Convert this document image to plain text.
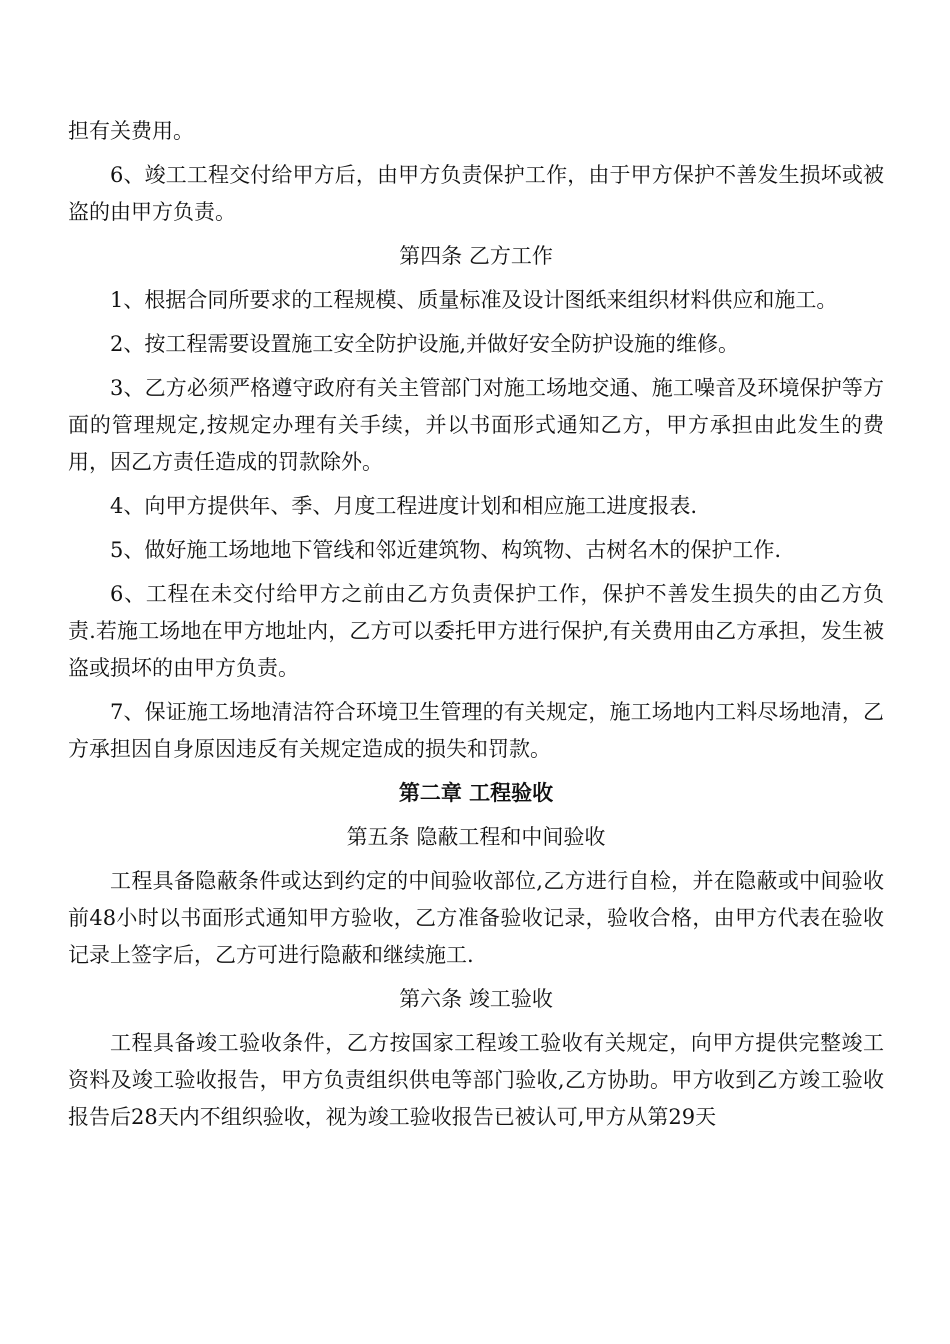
担有关费用。

6、竣工工程交付给甲方后，由甲方负责保护工作，由于甲方保护不善发生损坏或被盗的由甲方负责。

第四条 乙方工作

1、根据合同所要求的工程规模、质量标准及设计图纸来组织材料供应和施工。

2、按工程需要设置施工安全防护设施,并做好安全防护设施的维修。

3、乙方必须严格遵守政府有关主管部门对施工场地交通、施工噪音及环境保护等方面的管理规定,按规定办理有关手续，并以书面形式通知乙方，甲方承担由此发生的费用，因乙方责任造成的罚款除外。

4、向甲方提供年、季、月度工程进度计划和相应施工进度报表.

5、做好施工场地地下管线和邻近建筑物、构筑物、古树名木的保护工作.

6、工程在未交付给甲方之前由乙方负责保护工作，保护不善发生损失的由乙方负责.若施工场地在甲方地址内，乙方可以委托甲方进行保护,有关费用由乙方承担，发生被盗或损坏的由甲方负责。

7、保证施工场地清洁符合环境卫生管理的有关规定，施工场地内工料尽场地清，乙方承担因自身原因违反有关规定造成的损失和罚款。

第二章 工程验收
第五条 隐蔽工程和中间验收

工程具备隐蔽条件或达到约定的中间验收部位,乙方进行自检，并在隐蔽或中间验收前48小时以书面形式通知甲方验收，乙方准备验收记录，验收合格，由甲方代表在验收记录上签字后，乙方可进行隐蔽和继续施工.

第六条 竣工验收

工程具备竣工验收条件，乙方按国家工程竣工验收有关规定，向甲方提供完整竣工资料及竣工验收报告，甲方负责组织供电等部门验收,乙方协助。甲方收到乙方竣工验收报告后28天内不组织验收，视为竣工验收报告已被认可,甲方从第29天
